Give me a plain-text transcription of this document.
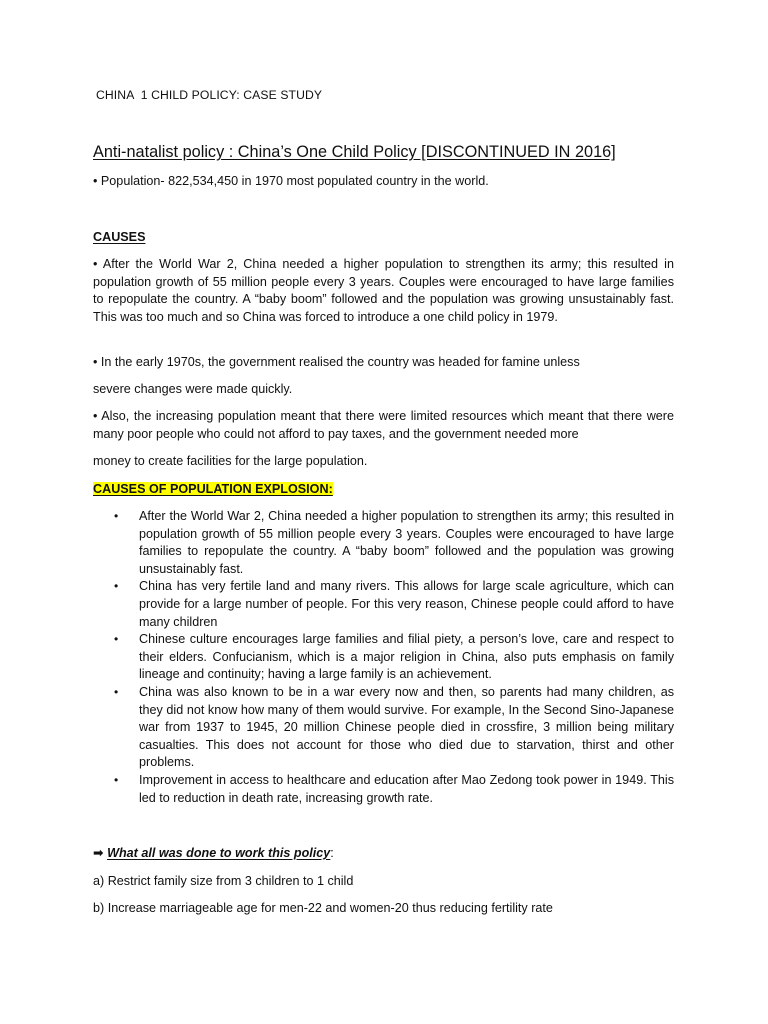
CHINA  1 CHILD POLICY: CASE STUDY
Anti-natalist policy : China’s One Child Policy [DISCONTINUED IN 2016]
• Population- 822,534,450 in 1970 most populated country in the world.
CAUSES
• After the World War 2, China needed a higher population to strengthen its army; this resulted in population growth of 55 million people every 3 years. Couples were encouraged to have large families to repopulate the country. A “baby boom” followed and the population was growing unsustainably fast. This was too much and so China was forced to introduce a one child policy in 1979.
• In the early 1970s, the government realised the country was headed for famine unless
severe changes were made quickly.
• Also, the increasing population meant that there were limited resources which meant that there were many poor people who could not afford to pay taxes, and the government needed more
money to create facilities for the large population.
CAUSES OF POPULATION EXPLOSION:
• After the World War 2, China needed a higher population to strengthen its army; this resulted in population growth of 55 million people every 3 years. Couples were encouraged to have large families to repopulate the country. A “baby boom” followed and the population was growing unsustainably fast.
• China has very fertile land and many rivers. This allows for large scale agriculture, which can provide for a large number of people. For this very reason, Chinese people could afford to have many children
• Chinese culture encourages large families and filial piety, a person’s love, care and respect to their elders. Confucianism, which is a major religion in China, also puts emphasis on family lineage and continuity; having a large family is an achievement.
• China was also known to be in a war every now and then, so parents had many children, as they did not know how many of them would survive. For example, In the Second Sino-Japanese war from 1937 to 1945, 20 million Chinese people died in crossfire, 3 million being military casualties. This does not account for those who died due to starvation, thirst and other problems.
• Improvement in access to healthcare and education after Mao Zedong took power in 1949. This led to reduction in death rate, increasing growth rate.
➡ What all was done to work this policy:
a) Restrict family size from 3 children to 1 child
b) Increase marriageable age for men-22 and women-20 thus reducing fertility rate
